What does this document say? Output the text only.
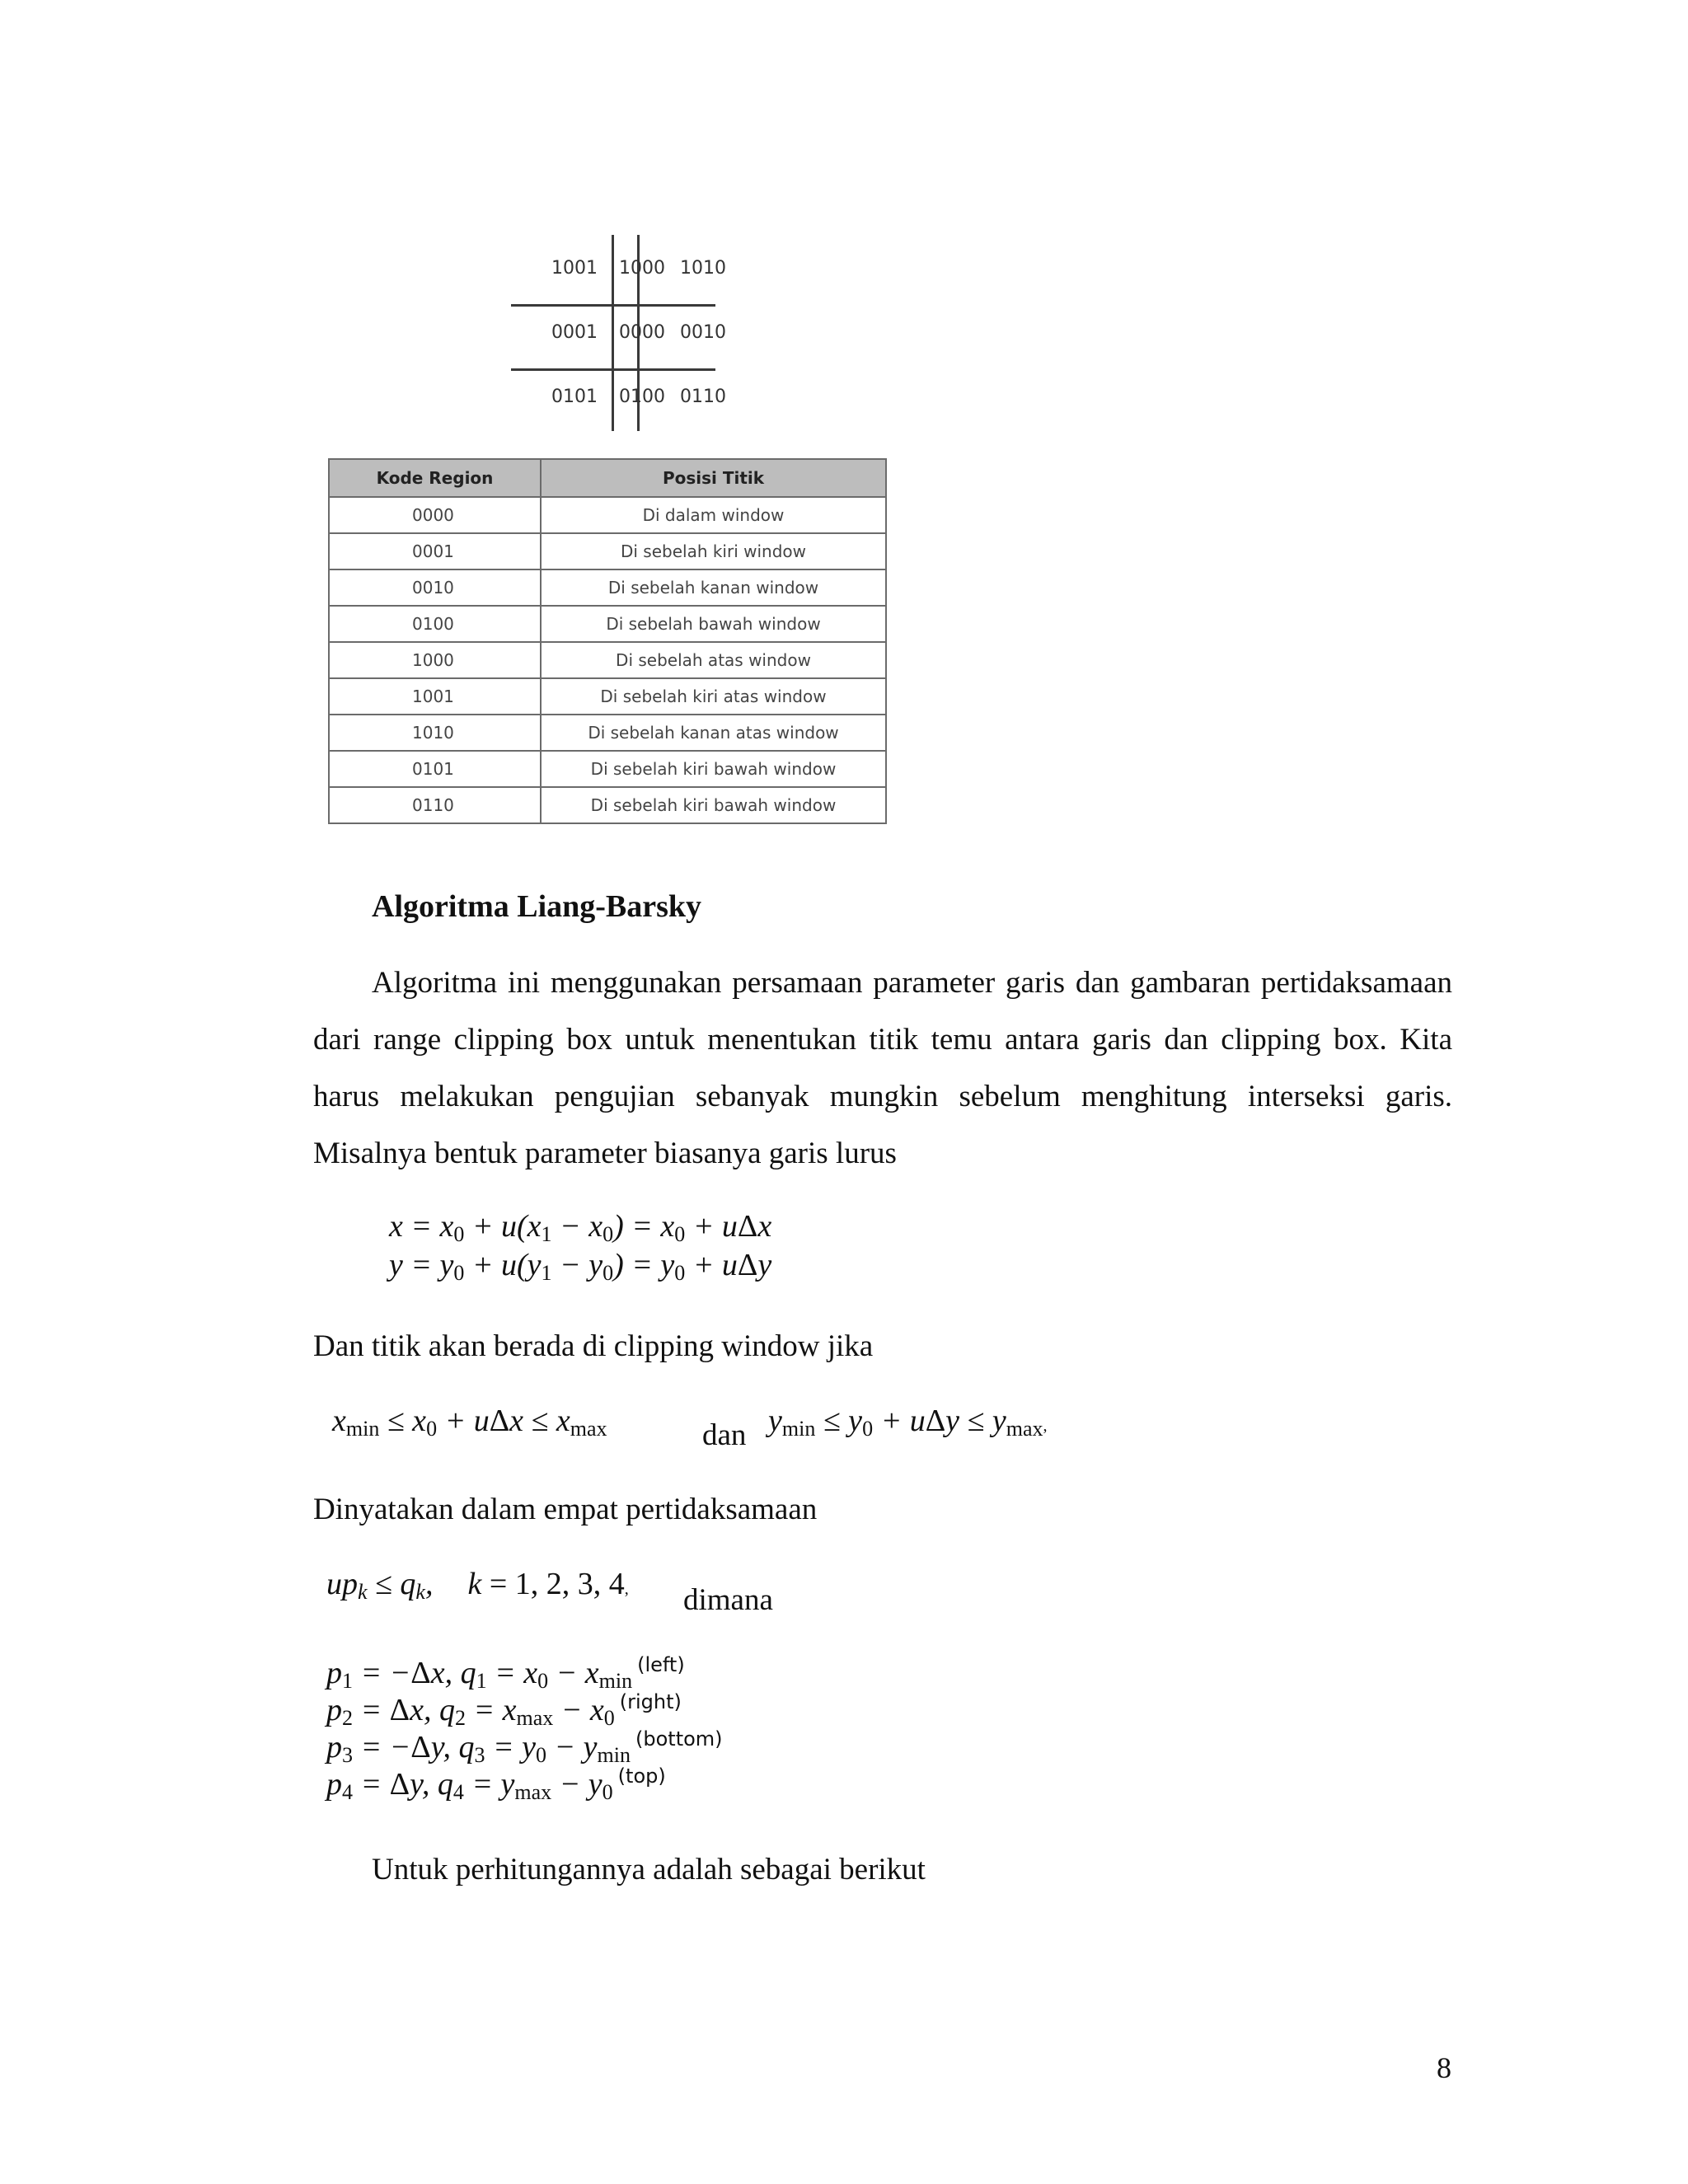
1001	1000 1010
0001	0000 0010
0101	0100 0110
Kode Region	Posisi Titik
0000	Di dalam window
0001	Di sebelah kiri window
0010	Di sebelah kanan window
0100	Di sebelah bawah window
1000	Di sebelah atas window
1001	Di sebelah kiri atas window
1010	Di sebelah kanan atas window
0101	Di sebelah kiri bawah window
0110	Di sebelah kiri bawah window
Algoritma Liang-Barsky
Algoritma ini menggunakan persamaan parameter garis dan gambaran pertidaksamaan dari range clipping box untuk menentukan titik temu antara garis dan clipping box. Kita harus melakukan pengujian sebanyak mungkin sebelum menghitung interseksi garis. Misalnya bentuk parameter biasanya garis lurus
$x = x_0 + u(x_1 - x_0) = x_0 + u\Delta x$
$y = y_0 + u(y_1 - y_0) = y_0 + u\Delta y$
Dan titik akan berada di clipping window jika
$x_{min} \le x_0 + u\Delta x \le x_{max}$	dan $y_{min} \le y_0 + u\Delta y \le y_{max}$,
Dinyatakan dalam empat pertidaksamaan
$up_k \le q_k$, k = 1, 2, 3, 4, dimana
$p_1 = -\Delta x$, $q_1 = x_0 - x_{min}^{(left)}$
$p_2 = \Delta x$, $q_2 = x_{max} - x_0^{(right)}$
$p_3 = -\Delta y$, $q_3 = y_0 - y_{min}^{(bottom)}$
$p_4 = \Delta y$, $q_4 = y_{max} - y_0^{(top)}$
Untuk perhitungannya adalah sebagai berikut
8
